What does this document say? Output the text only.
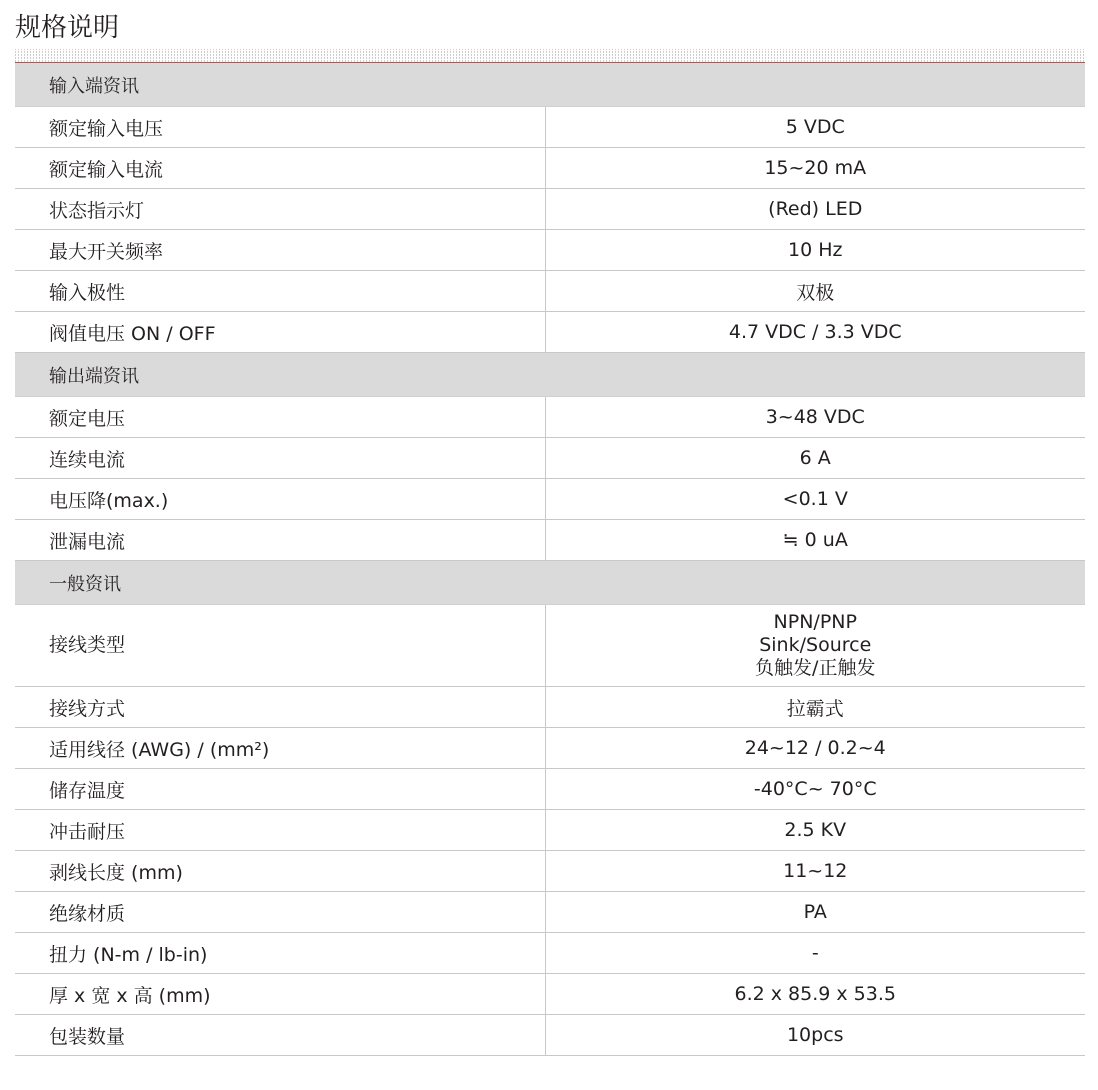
规格说明
输入端资讯	
额定输入电压	5 VDC

额定输入电流	15~20 mA

状态指示灯	(Red) LED

最大开关频率	10 Hz

输入极性	双极

阀值电压 ON / OFF	4.7 VDC / 3.3 VDC

输出端资讯	
额定电压	3~48 VDC

连续电流	6 A

电压降(max.)	<0.1 V

泄漏电流	≒ 0 uA

一般资讯	
接线类型	NPN/PNP
Sink/Source
负触发/正触发

接线方式	拉霸式

适用线径 (AWG) / (mm²)	24~12 / 0.2~4

储存温度	-40°C~ 70°C

冲击耐压	2.5 KV

剥线长度 (mm)	11~12

绝缘材质	PA

扭力 (N-m / lb-in)	-

厚 x 宽 x 高 (mm)	6.2 x 85.9 x 53.5

包装数量	10pcs
